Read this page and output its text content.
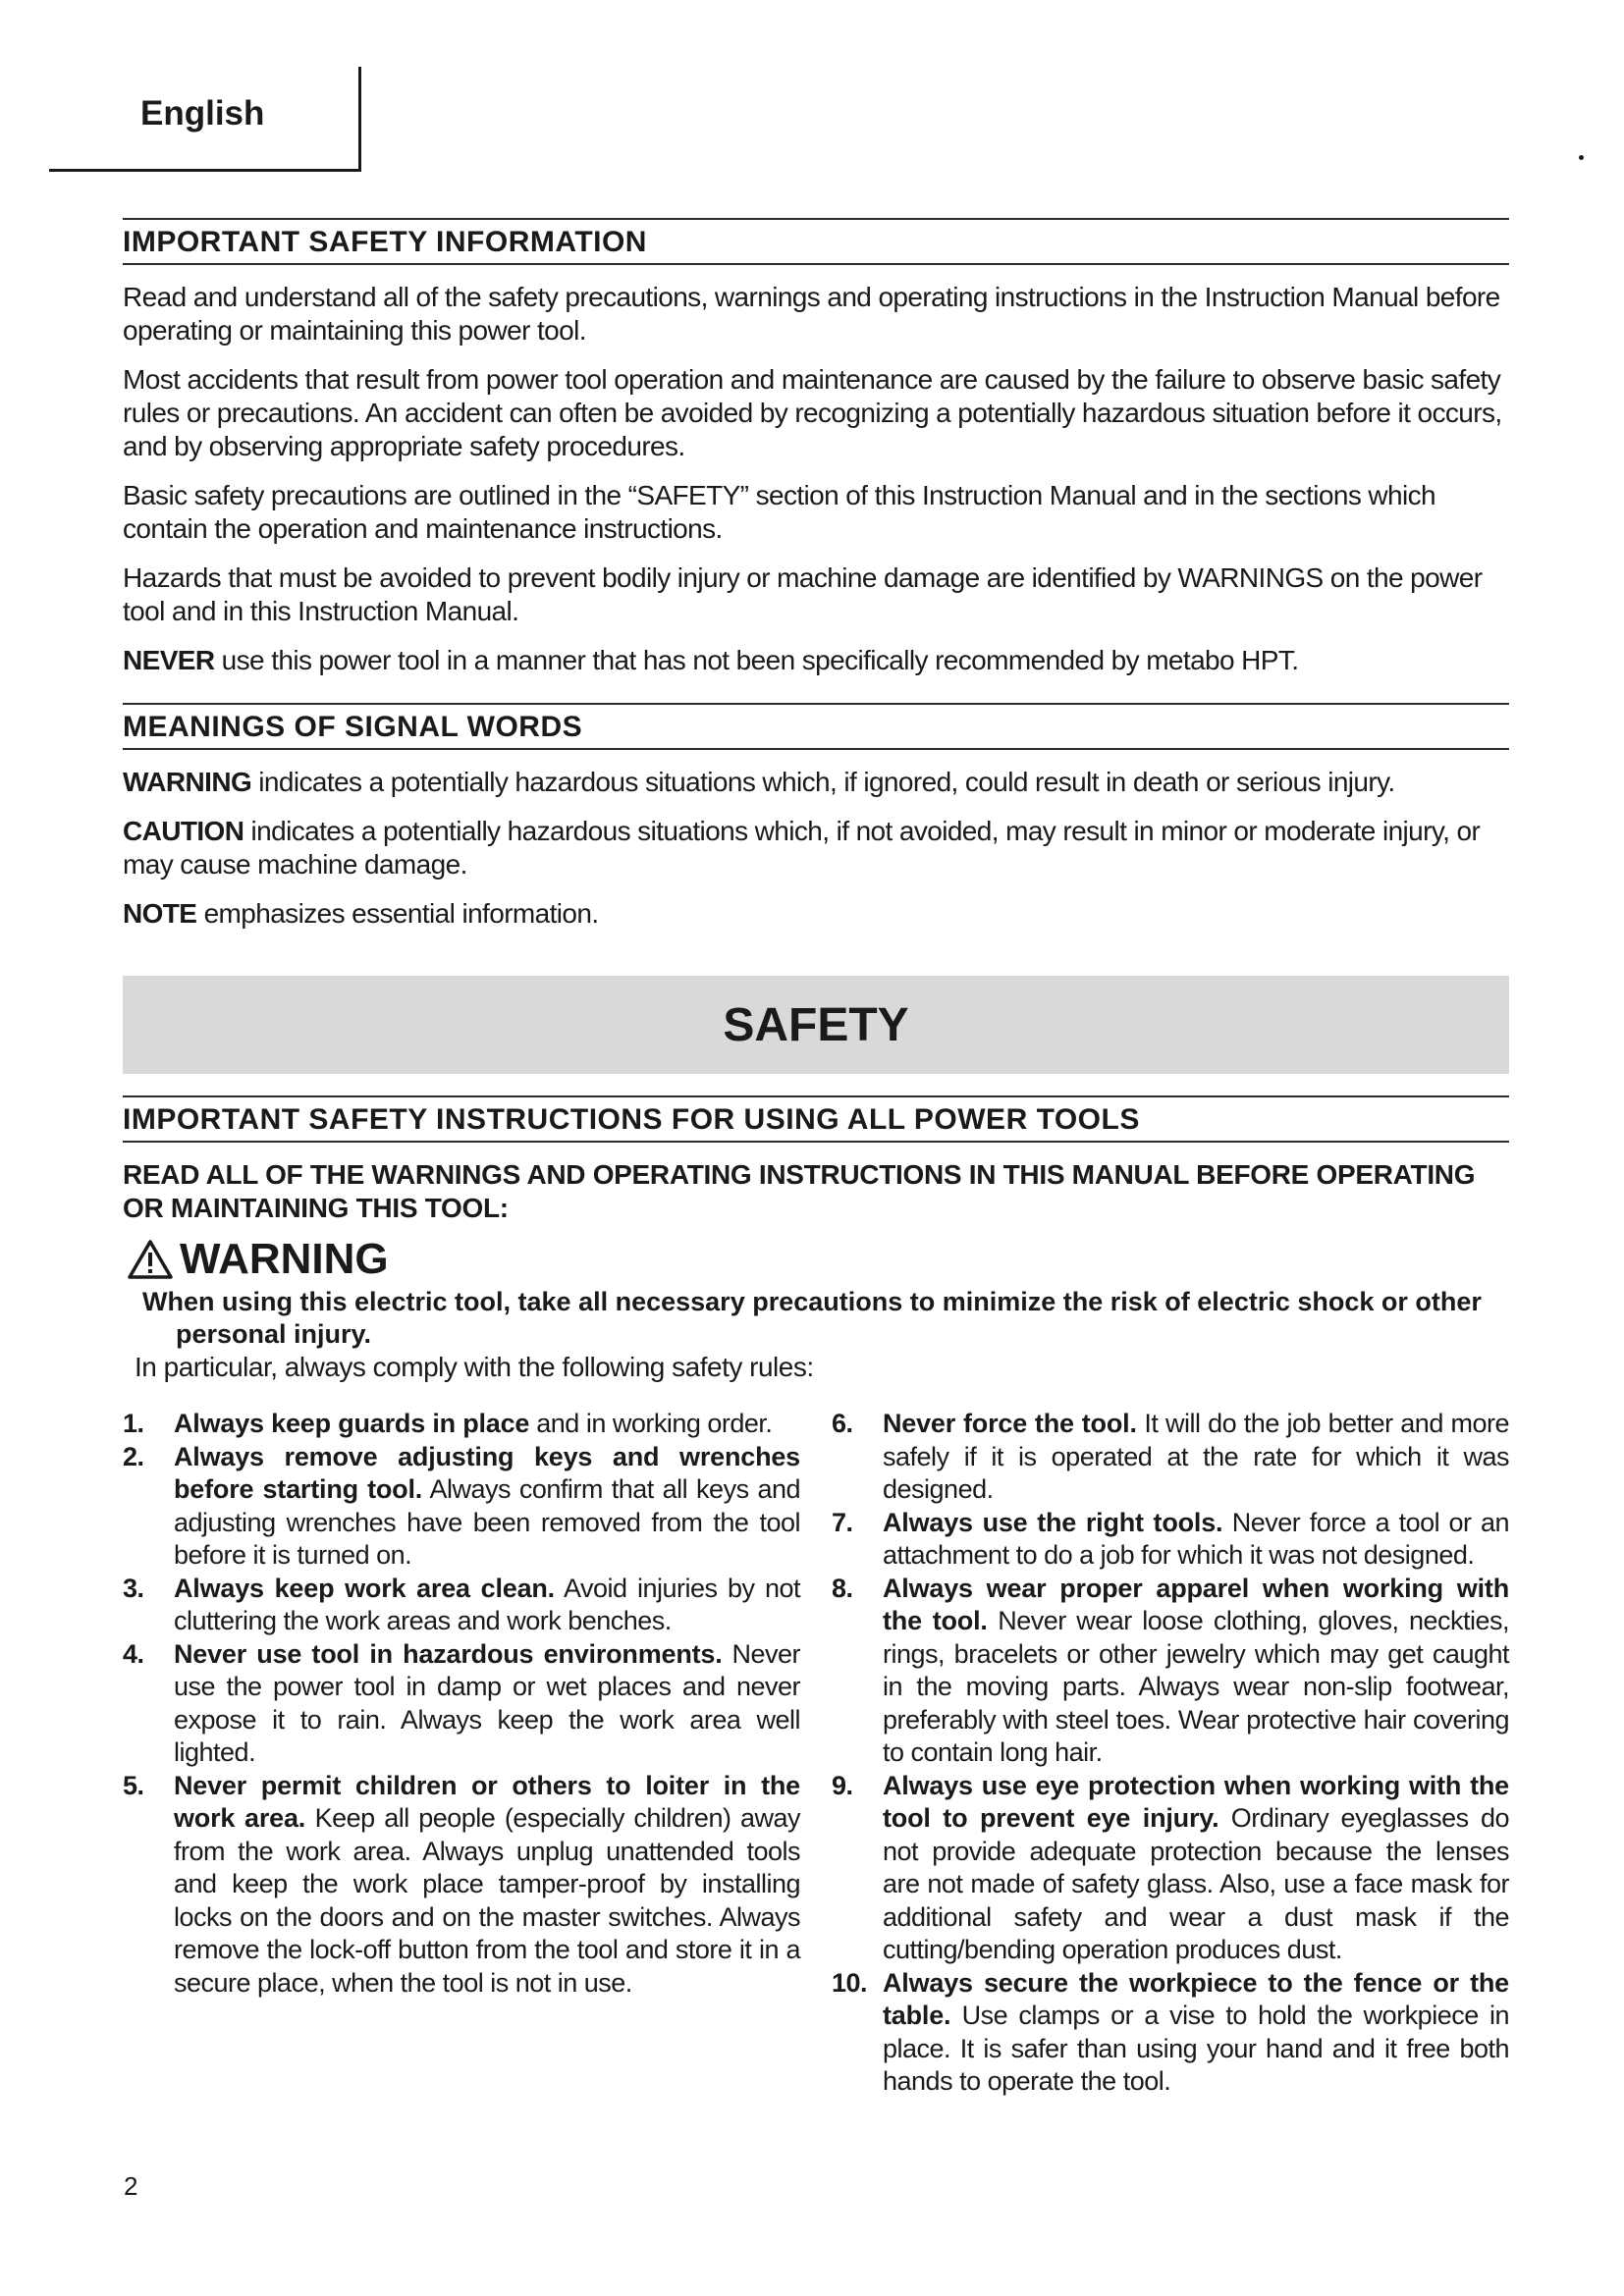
English
IMPORTANT SAFETY INFORMATION

Read and understand all of the safety precautions, warnings and operating instructions in the Instruction Manual before operating or maintaining this power tool.

Most accidents that result from power tool operation and maintenance are caused by the failure to observe basic safety rules or precautions. An accident can often be avoided by recognizing a potentially hazardous situation before it occurs, and by observing appropriate safety procedures.

Basic safety precautions are outlined in the “SAFETY” section of this Instruction Manual and in the sections which contain the operation and maintenance instructions.

Hazards that must be avoided to prevent bodily injury or machine damage are identified by WARNINGS on the power tool and in this Instruction Manual.

NEVER use this power tool in a manner that has not been specifically recommended by metabo HPT.

MEANINGS OF SIGNAL WORDS

WARNING indicates a potentially hazardous situations which, if ignored, could result in death or serious injury.

CAUTION indicates a potentially hazardous situations which, if not avoided, may result in minor or moderate injury, or may cause machine damage.

NOTE emphasizes essential information.

SAFETY
IMPORTANT SAFETY INSTRUCTIONS FOR USING ALL POWER TOOLS
READ ALL OF THE WARNINGS AND OPERATING INSTRUCTIONS IN THIS MANUAL BEFORE OPERATING OR MAINTAINING THIS TOOL:
WARNING
When using this electric tool, take all necessary precautions to minimize the risk of electric shock or other personal injury.
In particular, always comply with the following safety rules:
1.	Always keep guards in place and in working order.
2.	Always remove adjusting keys and wrenches before starting tool. Always confirm that all keys and adjusting wrenches have been removed from the tool before it is turned on.
3.	Always keep work area clean. Avoid injuries by not cluttering the work areas and work benches.
4.	Never use tool in hazardous environments. Never use the power tool in damp or wet places and never expose it to rain. Always keep the work area well lighted.
5.	Never permit children or others to loiter in the work area. Keep all people (especially children) away from the work area. Always unplug unattended tools and keep the work place tamper-proof by installing locks on the doors and on the master switches. Always remove the lock-off button from the tool and store it in a secure place, when the tool is not in use.
6.	Never force the tool. It will do the job better and more safely if it is operated at the rate for which it was designed.
7.	Always use the right tools. Never force a tool or an attachment to do a job for which it was not designed.
8.	Always wear proper apparel when working with the tool. Never wear loose clothing, gloves, neckties, rings, bracelets or other jewelry which may get caught in the moving parts. Always wear non-slip footwear, preferably with steel toes. Wear protective hair covering to contain long hair.
9.	Always use eye protection when working with the tool to prevent eye injury. Ordinary eyeglasses do not provide adequate protection because the lenses are not made of safety glass. Also, use a face mask for additional safety and wear a dust mask if the cutting/bending operation produces dust.
10. Always secure the workpiece to the fence or the table. Use clamps or a vise to hold the workpiece in place. It is safer than using your hand and it free both hands to operate the tool.
2
